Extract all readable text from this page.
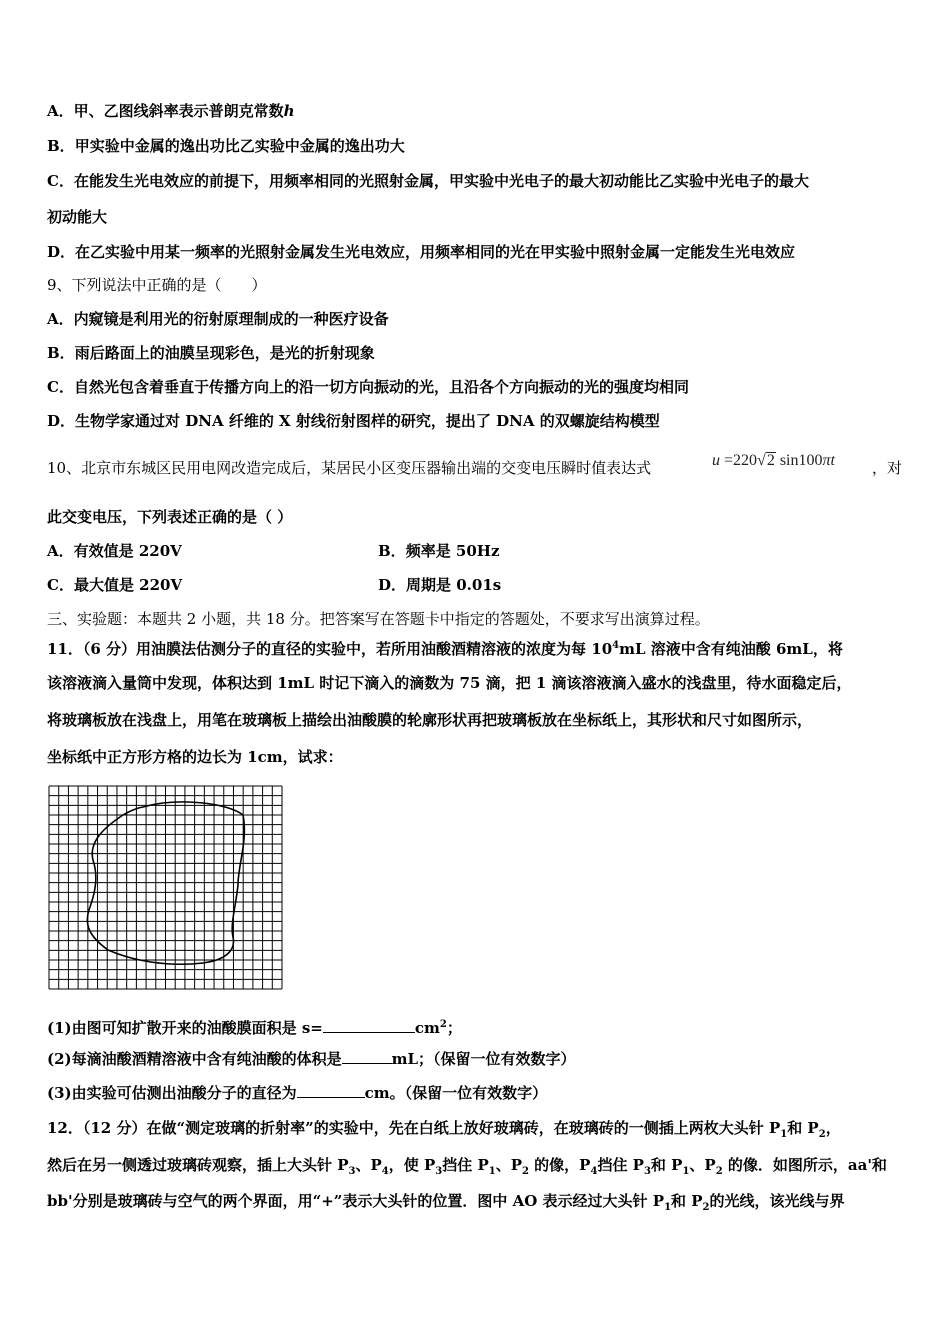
A．甲、乙图线斜率表示普朗克常数h
B．甲实验中金属的逸出功比乙实验中金属的逸出功大
C．在能发生光电效应的前提下，用频率相同的光照射金属，甲实验中光电子的最大初动能比乙实验中光电子的最大
初动能大
D．在乙实验中用某一频率的光照射金属发生光电效应，用频率相同的光在甲实验中照射金属一定能发生光电效应
9、下列说法中正确的是（　　）
A．内窥镜是利用光的衍射原理制成的一种医疗设备
B．雨后路面上的油膜呈现彩色，是光的折射现象
C．自然光包含着垂直于传播方向上的沿一切方向振动的光，且沿各个方向振动的光的强度均相同
D．生物学家通过对 DNA 纤维的 X 射线衍射图样的研究，提出了 DNA 的双螺旋结构模型
10、北京市东城区民用电网改造完成后，某居民小区变压器输出端的交变电压瞬时值表达式	u =220√2 sin100πt ，对
此交变电压，下列表述正确的是（ ）
A．有效值是 220V	B．频率是 50Hz
C．最大值是 220V	D．周期是 0.01s
三、实验题：本题共 2 小题，共 18 分。把答案写在答题卡中指定的答题处，不要求写出演算过程。
11．（6 分）用油膜法估测分子的直径的实验中，若所用油酸酒精溶液的浓度为每 $10^4mL$ 溶液中含有纯油酸 6mL，将
该溶液滴入量筒中发现，体积达到 1mL 时记下滴入的滴数为 75 滴，把 1 滴该溶液滴入盛水的浅盘里，待水面稳定后，
将玻璃板放在浅盘上，用笔在玻璃板上描绘出油酸膜的轮廓形状再把玻璃板放在坐标纸上，其形状和尺寸如图所示，
坐标纸中正方形方格的边长为 1cm，试求：
(1)由图可知扩散开来的油酸膜面积是 s=	$cm^2$；
(2)每滴油酸酒精溶液中含有纯油酸的体积是	mL；（保留一位有效数字）
(3)由实验可估测出油酸分子的直径为	cm。（保留一位有效数字）
12．（12 分）在做“测定玻璃的折射率”的实验中，先在白纸上放好玻璃砖，在玻璃砖的一侧插上两枚大头针 $P_1$和 $P_2$，
然后在另一侧透过玻璃砖观察，插上大头针 $P_3$、$P_4$，使 $P_3$挡住 $P_1$、$P_2$ 的像，$P_4$挡住 $P_3$和 $P_1$、$P_2$ 的像．如图所示，aa'和
bb'分别是玻璃砖与空气的两个界面，用“+”表示大头针的位置．图中 AO 表示经过大头针 $P_1$和 $P_2$的光线，该光线与界
